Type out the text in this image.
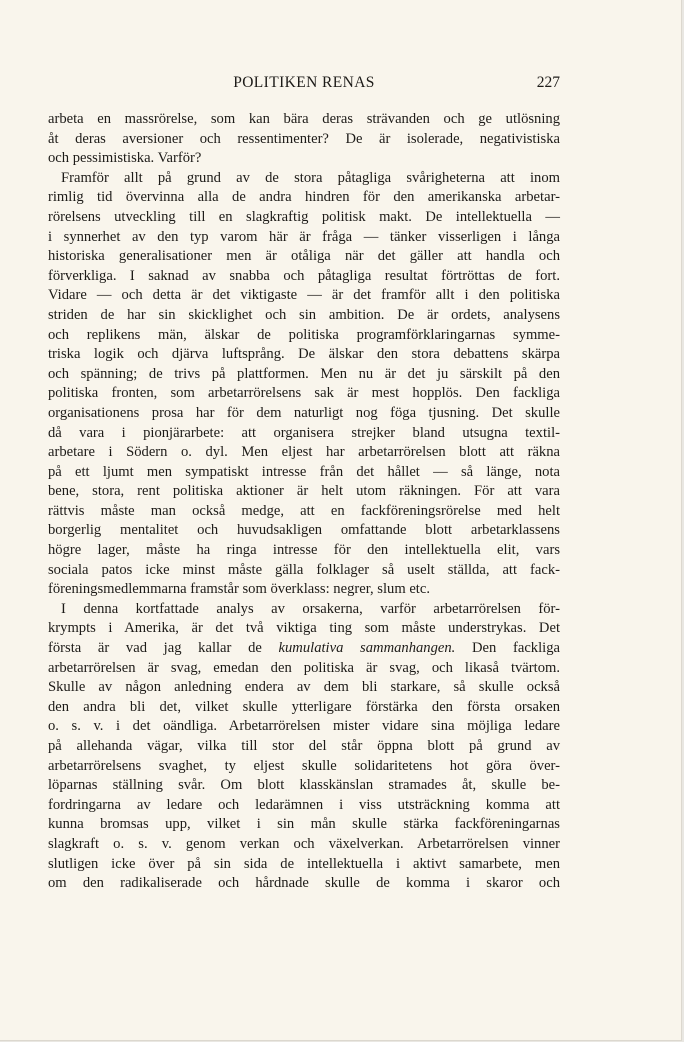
POLITIKEN RENAS	227
arbeta en massrörelse, som kan bära deras strävanden och ge utlösning
åt deras aversioner och ressentimenter? De är isolerade, negativistiska
och pessimistiska. Varför?
Framför allt på grund av de stora påtagliga svårigheterna att inom
rimlig tid övervinna alla de andra hindren för den amerikanska arbetar-
rörelsens utveckling till en slagkraftig politisk makt. De intellektuella —
i synnerhet av den typ varom här är fråga — tänker visserligen i långa
historiska generalisationer men är otåliga när det gäller att handla och
förverkliga. I saknad av snabba och påtagliga resultat förtröttas de fort.
Vidare — och detta är det viktigaste — är det framför allt i den politiska
striden de har sin skicklighet och sin ambition. De är ordets, analysens
och replikens män, älskar de politiska programförklaringarnas symme-
triska logik och djärva luftsprång. De älskar den stora debattens skärpa
och spänning; de trivs på plattformen. Men nu är det ju särskilt på den
politiska fronten, som arbetarrörelsens sak är mest hopplös. Den fackliga
organisationens prosa har för dem naturligt nog föga tjusning. Det skulle
då vara i pionjärarbete: att organisera strejker bland utsugna textil-
arbetare i Södern o. dyl. Men eljest har arbetarrörelsen blott att räkna
på ett ljumt men sympatiskt intresse från det hållet — så länge, nota
bene, stora, rent politiska aktioner är helt utom räkningen. För att vara
rättvis måste man också medge, att en fackföreningsrörelse med helt
borgerlig mentalitet och huvudsakligen omfattande blott arbetarklassens
högre lager, måste ha ringa intresse för den intellektuella elit, vars
sociala patos icke minst måste gälla folklager så uselt ställda, att fack-
föreningsmedlemmarna framstår som överklass: negrer, slum etc.
I denna kortfattade analys av orsakerna, varför arbetarrörelsen för-
krympts i Amerika, är det två viktiga ting som måste understrykas. Det
första är vad jag kallar de kumulativa sammanhangen. Den fackliga
arbetarrörelsen är svag, emedan den politiska är svag, och likaså tvärtom.
Skulle av någon anledning endera av dem bli starkare, så skulle också
den andra bli det, vilket skulle ytterligare förstärka den första orsaken
o. s. v. i det oändliga. Arbetarrörelsen mister vidare sina möjliga ledare
på allehanda vägar, vilka till stor del står öppna blott på grund av
arbetarrörelsens svaghet, ty eljest skulle solidaritetens hot göra över-
löparnas ställning svår. Om blott klasskänslan stramades åt, skulle be-
fordringarna av ledare och ledarämnen i viss utsträckning komma att
kunna bromsas upp, vilket i sin mån skulle stärka fackföreningarnas
slagkraft o. s. v. genom verkan och växelverkan. Arbetarrörelsen vinner
slutligen icke över på sin sida de intellektuella i aktivt samarbete, men
om den radikaliserade och hårdnade skulle de komma i skaror och
